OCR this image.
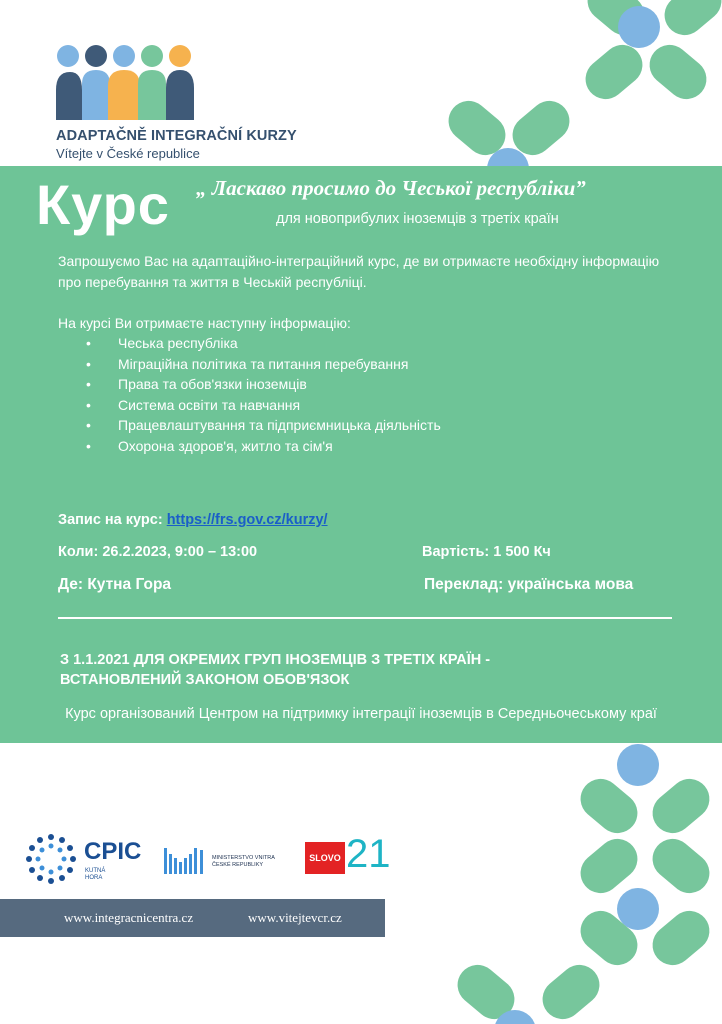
ADAPTAČNĚ INTEGRAČNÍ KURZY
Vítejte v České republice
Курс „ Ласкаво просимо до Чеської республіки”
для новоприбулих іноземців з третіх країн

Запрошуємо Вас на адаптаційно-інтеграційний курс, де ви отримаєте необхідну інформацію про перебування та життя в Чеській республіці.

На курсі Ви отримаєте наступну інформацію:
• Чеська республіка
• Міграційна політика та питання перебування
• Права та обов'язки іноземців
• Система освіти та навчання
• Працевлаштування та підприємницька діяльність
• Охорона здоров'я, житло та сім'я
Запис на курс: https://frs.gov.cz/kurzy/
Коли: 26.2.2023, 9:00 – 13:00	Вартість: 1 500 Кч
Де: Кутна Гора	Переклад: українська мова
З 1.1.2021 ДЛЯ ОКРЕМИХ ГРУП ІНОЗЕМЦІВ З ТРЕТІХ КРАЇН -
ВСТАНОВЛЕНИЙ ЗАКОНОМ ОБОВ'ЯЗОК
Курс організований Центром на підтримку інтеграції іноземців в Середньочеському краї
CPIC
KUTNÁ
HORA
MINISTERSTVO VNITRA
ČESKÉ REPUBLIKY
SLOVO 21
www.integracnicentra.cz	www.vitejtevcr.cz
